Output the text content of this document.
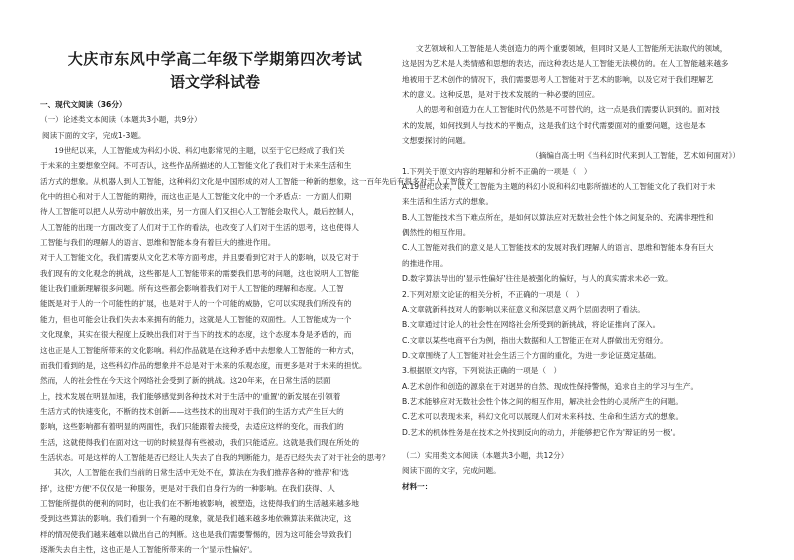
大庆市东风中学高二年级下学期第四次考试
语文学科试卷
一、现代文阅读（36分）
（一）论述类文本阅读（本题共3小题，共9分）
阅读下面的文字，完成1-3题。
19世纪以来，人工智能成为科幻小说、科幻电影常见的主题，以至于它已经成了我们关
于未来的主要想象空间。不可否认，这些作品所描述的人工智能文化了我们对于未来生活和生
活方式的想象。从机器人到人工智能，这种科幻文化是中国形成的对人工智能一种新的想象，这一百年先后有很多对于人工智能文
化中的担心和对于人工智能的期待，而这也正是人工智能文化中的一个矛盾点：一方面人们期
待人工智能可以把人从劳动中解放出来，另一方面人们又担心人工智能会取代人，最后控制人，
人工智能的出现一方面改变了人们对于工作的看法，也改变了人们对于生活的思考，这也使得人
工智能与我们的理解人的语言、思维和智能本身有着巨大的推进作用。
对于人工智能文化，我们需要从文化艺术等方面考虑，并且要看到它对于人的影响，以及它对于
我们现有的文化观念的挑战，这些都是人工智能带来的需要我们思考的问题，这也说明人工智能
能让我们重新理解很多问题。所有这些都会影响着我们对于人工智能的理解和态度。人工智
能既是对于人的一个可能性的扩展，也是对于人的一个可能的威胁，它可以实现我们所没有的
能力，但也可能会让我们失去本来拥有的能力，这就是人工智能的双面性。人工智能成为一个
文化现象，其实在很大程度上反映出我们对于当下的技术的态度，这个态度本身是矛盾的，而
这也正是人工智能所带来的文化影响。科幻作品就是在这种矛盾中去想象人工智能的一种方式，
而我们看到的是，这些科幻作品的想象并不总是对于未来的乐观态度，而更多是对于未来的担忧。
然而，人的社会性在今天这个网络社会受到了新的挑战。这20年来，在日常生活的层面
上，技术发展在明显加速，我们能够感觉到各种技术对于生活中的'重置'的新发展在引领着
生活方式的快速变化，不断的技术创新——这些技术的出现对于我们的生活方式产生巨大的
影响，这些影响都有着明显的两面性，我们只能跟着去接受，去适应这样的变化，而我们的
生活，这就使得我们在面对这一切的时候显得有些被动，我们只能适应。这就是我们现在所处的
生活状态。可是这样的人工智能是否已经让人失去了自我的判断能力，是否已经失去了对于社会的思考？
其次，人工智能在我们当前的日常生活中无处不在，算法在为我们推荐各种的'推荐'和'选
择'，这使'方便'不仅仅是一种服务，更是对于我们自身行为的一种影响。在我们获得、人
工智能所提供的便利的同时，也让我们在不断地被影响，被塑造，这使得我们的生活越来越多地
受到这些算法的影响。我们看到一个有趣的现象，就是我们越来越多地依赖算法来做决定，这
样的情况使我们越来越难以做出自己的判断。这也是我们需要警惕的，因为这可能会导致我们
逐渐失去自主性，这也正是人工智能所带来的一个'显示性偏好'。
文艺领域和人工智能是人类创造力的两个重要领域，但同时又是人工智能所无法取代的领域，
这是因为艺术是人类情感和思想的表达，而这种表达是人工智能无法模仿的。在人工智能越来越多
地被用于艺术创作的情况下，我们需要思考人工智能对于艺术的影响，以及它对于我们理解艺
术的意义。这种反思，是对于技术发展的一种必要的回应。
人的思考和创造力在人工智能时代仍然是不可替代的，这一点是我们需要认识到的。面对技
术的发展，如何找到人与技术的平衡点，这是我们这个时代需要面对的重要问题，这也是本
文想要探讨的问题。
（摘编自高士明《当科幻时代来到人工智能，艺术如何面对》）
1.下列关于原文内容的理解和分析不正确的一项是（　）
A.19世纪以来，以人工智能为主题的科幻小说和科幻电影所描述的人工智能文化了我们对于未
来生活和生活方式的想象。
B.人工智能技术当下难点所在，是如何以算法应对无数社会性个体之间复杂的、充满非理性和
偶然性的相互作用。
C.人工智能对我们的意义是人工智能技术的发展对我们理解人的语言、思维和智能本身有巨大
的推进作用。
D.数字算法导出的'显示性偏好'往往是被强化的偏好，与人的真实需求未必一致。
2.下列对原文论证的相关分析，不正确的一项是（　）
A.文章就新科技对人的影响以来征意义和深层意义两个层面表明了看法。
B.文章通过讨论人的社会性在网络社会所受到的新挑战，将论证推向了深入。
C.文章以某些电商平台为例，指出大数据和人工智能正在对人群做出无穷细分。
D.文章围绕了人工智能对社会生活三个方面的重化，为进一步论证奠定基础。
3.根据原文内容，下列说法正确的一项是（　）
A.艺术创作和创造的源泉在于对迥异的自然、现成性保持警惕，追求自主的学习与生产。
B.艺术能够应对无数社会性个体之间的相互作用，解决社会性的心灵所产生的问题。
C.艺术可以表现未来，科幻文化可以展现人们对未来科技、生命和生活方式的想象。
D.艺术的机体性务是在技术之外找到反向的动力，并能够把它作为'辩证的另一极'。
（二）实用类文本阅读（本题共3小题，共12分）
阅读下面的文字，完成问题。
材料一：
